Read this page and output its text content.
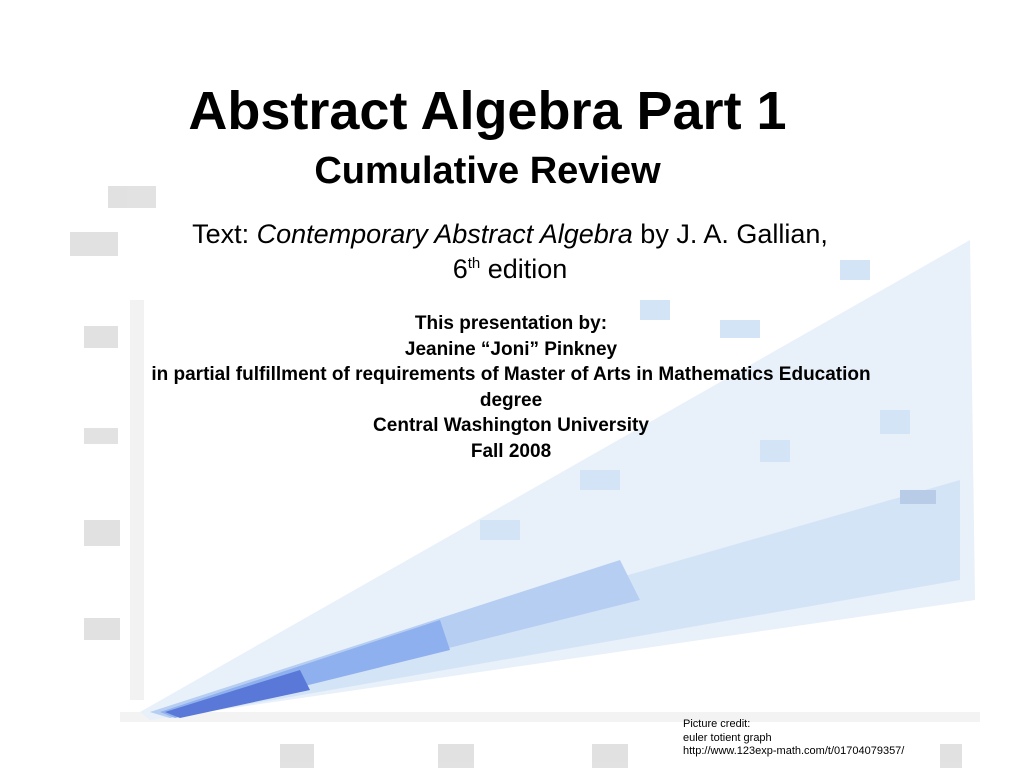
Abstract Algebra Part 1
Cumulative Review
Text: Contemporary Abstract Algebra by J. A. Gallian,
6th edition
This presentation by:
Jeanine “Joni” Pinkney
in partial fulfillment of requirements of Master of Arts in Mathematics Education
degree
Central Washington University
Fall 2008
Picture credit:
euler totient graph
http://www.123exp-math.com/t/01704079357/
